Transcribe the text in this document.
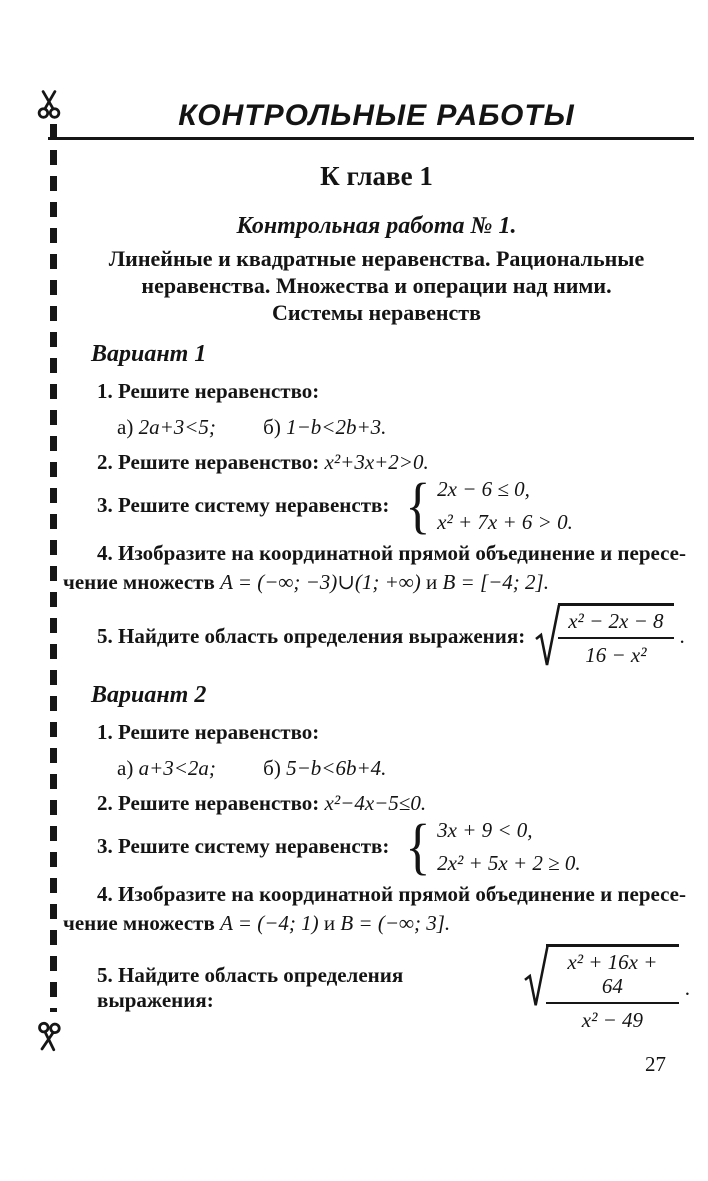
КОНТРОЛЬНЫЕ РАБОТЫ
К главе 1
Контрольная работа № 1.
Линейные и квадратные неравенства. Рациональные
неравенства. Множества и операции над ними.
Системы неравенств
Вариант 1
1. Решите неравенство:
а) 2a+3<5; б) 1−b<2b+3.
2. Решите неравенство: x²+3x+2>0.
3. Решите систему неравенств: { 2x − 6 ≤ 0,
x² + 7x + 6 > 0.
4. Изобразите на координатной прямой объединение и пересе-
чение множеств A = (−∞; −3)∪(1; +∞) и B = [−4; 2].
5. Найдите область определения выражения: $\frac{\text{x² − 2x − 8}}{\text{16 − x²}}$ .
Вариант 2
1. Решите неравенство:
а) a+3<2a; б) 5−b<6b+4.
2. Решите неравенство: x²−4x−5≤0.
3. Решите систему неравенств: { 3x + 9 < 0,
2x² + 5x + 2 ≥ 0.
4. Изобразите на координатной прямой объединение и пересе-
чение множеств A = (−4; 1) и B = (−∞; 3].
5. Найдите область определения выражения:	$\frac{\text{x² + 16x + 64}}{\text{x² − 49}}$ .
27
